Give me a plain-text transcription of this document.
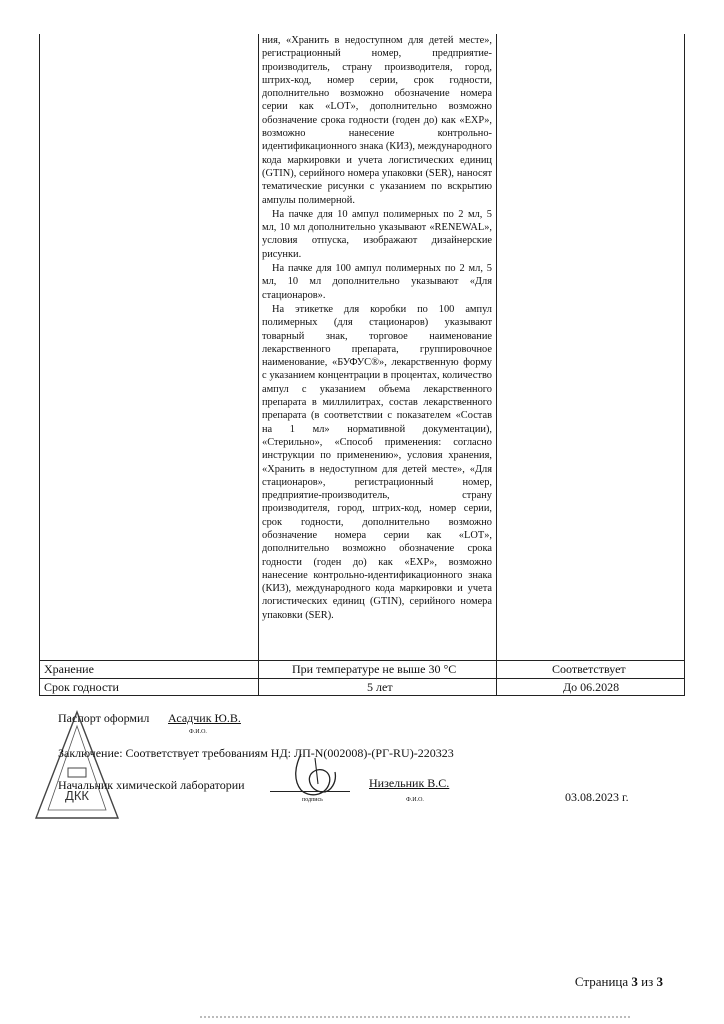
ния, «Хранить в недоступном для детей месте», регистрационный номер, предприятие-производитель, страну производителя, город, штрих-код, номер серии, срок годности, дополнительно возможно обозначение номера серии как «LOT», дополнительно возможно обозначение срока годности (годен до) как «EXP», возможно нанесение контрольно-идентификационного знака (КИЗ), международного кода маркировки и учета логистических единиц (GTIN), серийного номера упаковки (SER), наносят тематические рисунки с указанием по вскрытию ампулы полимерной.

На пачке для 10 ампул полимерных по 2 мл, 5 мл, 10 мл дополнительно указывают «RENEWAL», условия отпуска, изображают дизайнерские рисунки.

На пачке для 100 ампул полимерных по 2 мл, 5 мл, 10 мл дополнительно указывают «Для стационаров».

На этикетке для коробки по 100 ампул полимерных (для стационаров) указывают товарный знак, торговое наименование лекарственного препарата, группировочное наименование, «БУФУС®», лекарственную форму с указанием концентрации в процентах, количество ампул с указанием объема лекарственного препарата в миллилитрах, состав лекарственного препарата (в соответствии с показателем «Состав на 1 мл» нормативной документации), «Стерильно», «Способ применения: согласно инструкции по применению», условия хранения, «Хранить в недоступном для детей месте», «Для стационаров», регистрационный номер, предприятие-производитель, страну производителя, город, штрих-код, номер серии, срок годности, дополнительно возможно обозначение номера серии как «LOT», дополнительно возможно обозначение срока годности (годен до) как «EXP», возможно нанесение контрольно-идентификационного знака (КИЗ), международного кода маркировки и учета логистических единиц (GTIN), серийного номера упаковки (SER).

Хранение	При температуре не выше 30 °С	Соответствует
Срок годности	5 лет	До 06.2028
ДКК
Паспорт оформил Асадчик Ю.В.
Ф.И.О.
Заключение: Соответствует требованиям НД: ЛП-N(002008)-(РГ-RU)-220323
Начальник химической лаборатории
подпись
Низельник В.С.
Ф.И.О.	03.08.2023 г.
Страница 3 из 3
